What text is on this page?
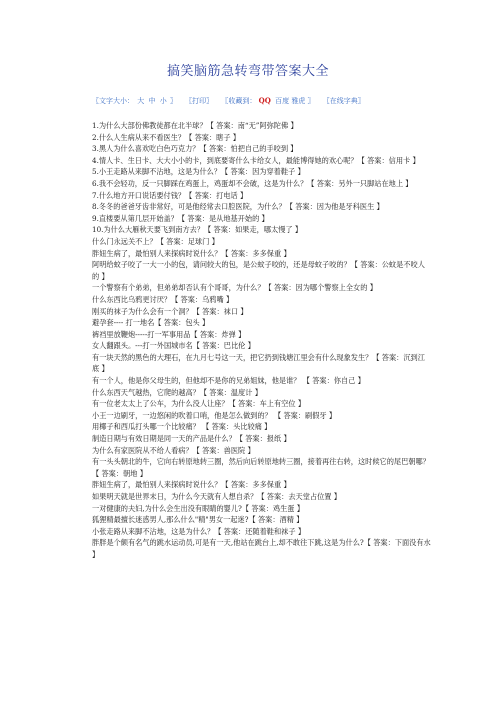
搞笑脑筋急转弯带答案大全
〖文字大小： 大 中 小 〗 〖打印〗 〖收藏到： QQ 百度 雅虎 〗 〖在线字典〗
1.为什么大部份佛教徒都在北半球？【 答案：南“无”阿弥陀佛 】
2.什么人生病从来不看医生？【 答案：瞎子 】
3.黑人为什么喜欢吃白色巧克力？【 答案：怕把自己的手咬到 】
4.情人卡、生日卡、大大小小的卡，到底要寄什么卡给女人，最能博得她的欢心呢？【 答案：信用卡 】
5.小王走路从来脚不沾地，这是为什么？【 答案：因为穿着鞋子 】
6.我不会轻功，反一只脚踩在鸡蛋上，鸡蛋却不会破，这是为什么？【 答案：另外一只脚站在地上 】
7.什么地方开口说话要付钱？【 答案：打电话 】
8.冬冬的爸爸牙齿非常好，可是他经常去口腔医院，为什么？【 答案：因为他是牙科医生 】
9.直楼要从第几层开始盖？【 答案：是从地基开始的 】
10.为什么大雁秋天要飞到南方去？【 答案：如果走，哪太慢了 】
什么门永远关不上？【 答案：足球门 】
胖妞生病了，最怕别人来探病时说什么？【 答案：多多保重 】
阿明给蚊子咬了一大一小的包，请问较大的包，是公蚊子咬的，还是母蚊子咬的？【 答案：公蚊是不咬人的 】
一个警察有个弟弟，但弟弟却否认有个哥哥，为什么？【 答案：因为哪个警察上全女的 】
什么东西比乌鸦更讨厌？【 答案：乌鸦嘴 】
刚买的袜子为什么会有一个洞？【 答案：袜口 】
避孕套---- 打一地名【 答案：包头 】
裤裆里放鞭炮-----打一军事用品【 答案：炸弹 】
女人翻跟头。---打一外国城市名【 答案：巴比伦 】
有一块天然的黑色的大理石，在九月七号这一天，把它扔到钱塘江里会有什么现象发生？【 答案：沉到江底 】
有一个人，他是你父母生的，但他却不是你的兄弟姐妹，他是谁？ 【 答案：你自己 】
什么东西天气越热，它爬的越高？【 答案：温度计 】
有一位老太太上了公车，为什么没人让座？【 答案：车上有空位 】
小王一边刷牙，一边悠闲的吹着口哨，他是怎么做到的？ 【 答案：刷假牙 】
用椰子和西瓜打头哪一个比较痛？ 【 答案：头比较痛 】
制造日期与有效日期是同一天的产品是什么？【 答案：报纸 】
为什么有家医院从不给人看病？【 答案：兽医院 】
有一头头朝北的牛，它向右转原地转三圈，然后向后转原地转三圈，接着再往右转，这时候它的尾巴朝哪？【 答案：朝地 】
胖妞生病了，最怕别人来探病时说什么？【 答案：多多保重 】
如果明天就是世界末日，为什么今天就有人想自杀？【 答案：去天堂占位置 】
一对健康的夫妇,为什么会生出没有眼睛的婴儿?【 答案：鸡生蛋 】
狐狸精最擅长迷惑男人,那么什么"精"男女一起迷?【 答案：酒精 】
小张走路从来脚不沾地，这是为什么？【 答案：还随着鞋和袜子 】
胖胖是个颇有名气的跳水运动员,可是有一天,他站在跳台上,却不敢往下跳,这是为什么?【 答案：下面没有水 】
